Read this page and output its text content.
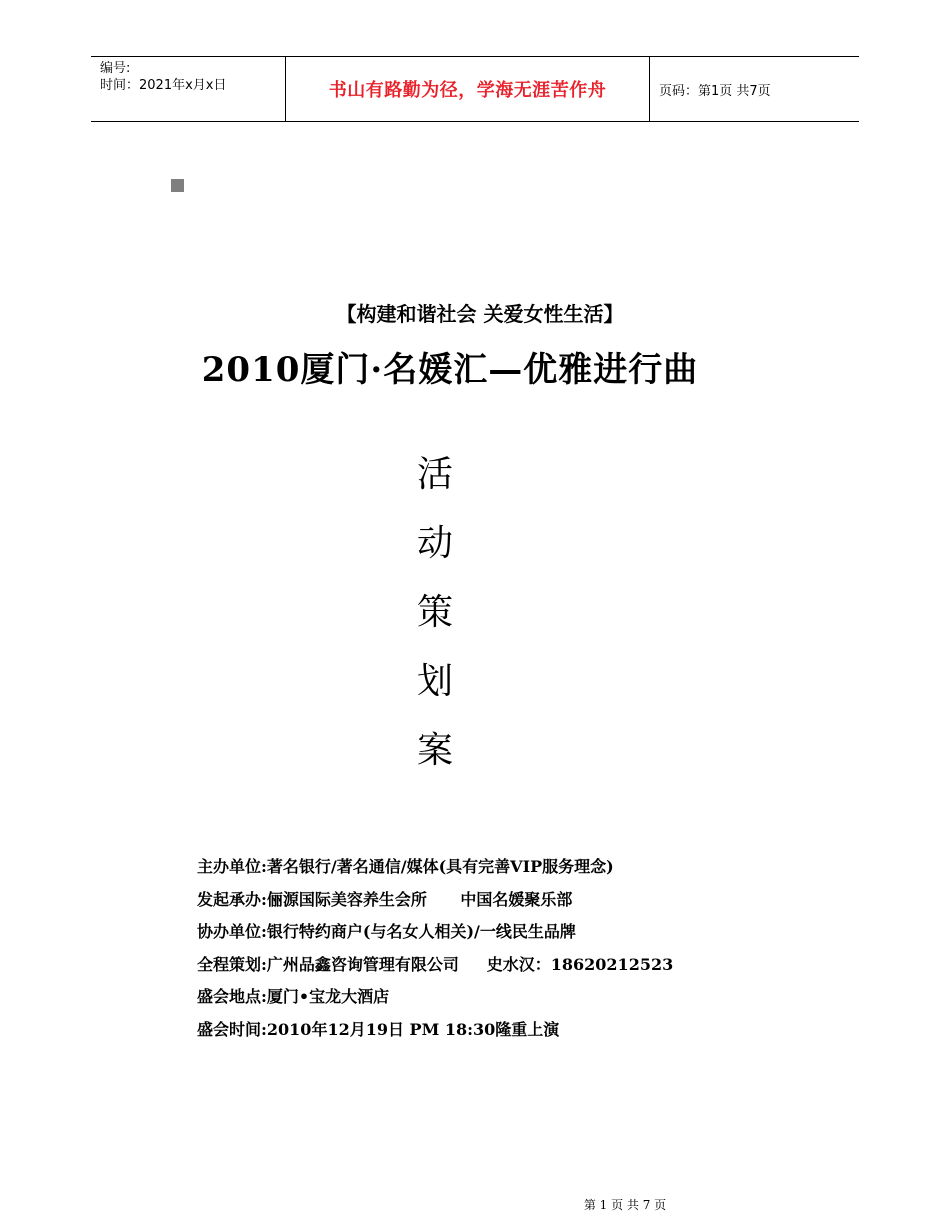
编号:
时间：2021年x月x日	书山有路勤为径，学海无涯苦作舟	页码：第1页 共7页
【构建和谐社会 关爱女性生活】
2010厦门·名媛汇—优雅进行曲
活
动
策
划
案
主办单位:著名银行/著名通信/媒体(具有完善VIP服务理念)
发起承办:俪源国际美容养生会所      中国名媛聚乐部
协办单位:银行特约商户(与名女人相关)/一线民生品牌
全程策划:广州品鑫咨询管理有限公司     史水汉：18620212523
盛会地点:厦门•宝龙大酒店
盛会时间:2010年12月19日 PM 18:30隆重上演
第 1 页 共 7 页
